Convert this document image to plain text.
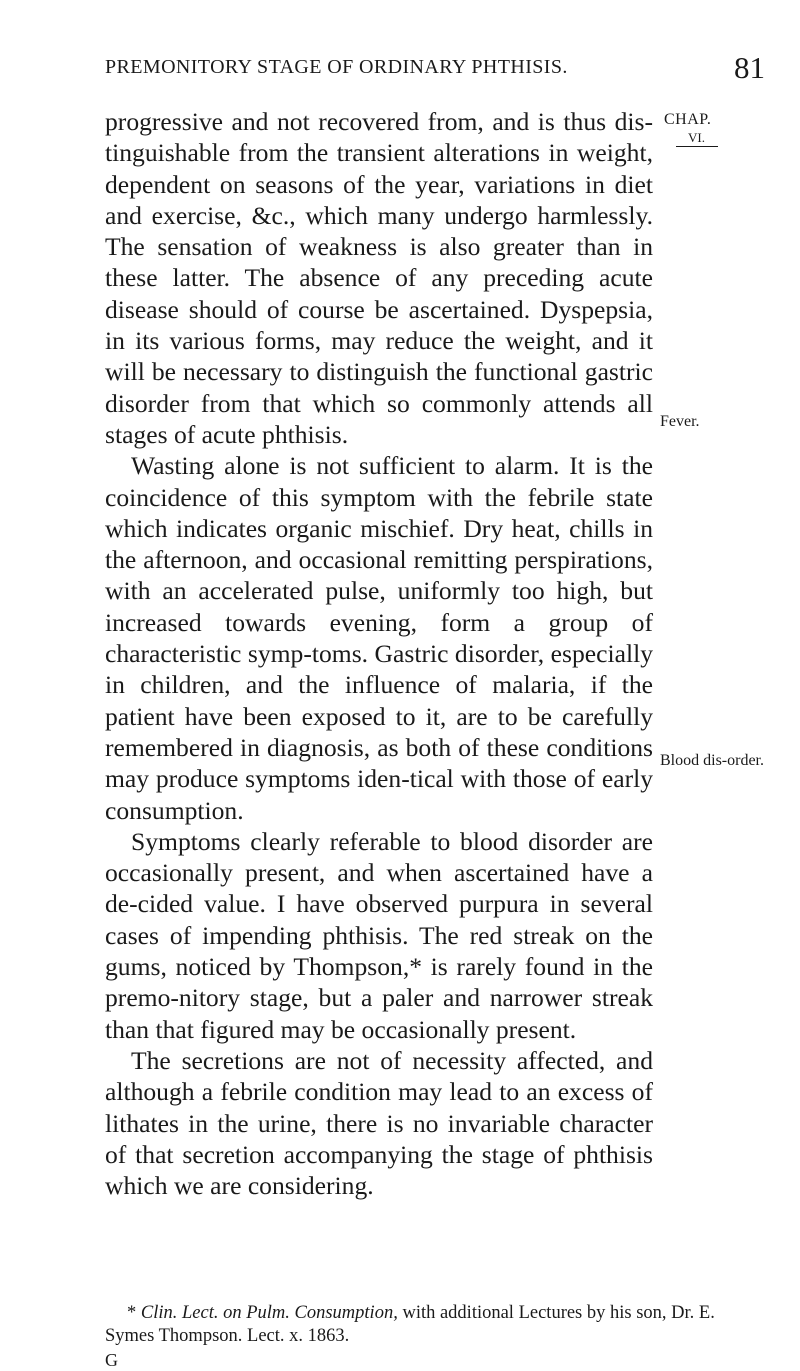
PREMONITORY STAGE OF ORDINARY PHTHISIS.	81
CHAP.
VI.
Fever.
Blood dis-order.

progressive and not recovered from, and is thus dis-tinguishable from the transient alterations in weight, dependent on seasons of the year, variations in diet and exercise, &c., which many undergo harmlessly. The sensation of weakness is also greater than in these latter. The absence of any preceding acute disease should of course be ascertained. Dyspepsia, in its various forms, may reduce the weight, and it will be necessary to distinguish the functional gastric disorder from that which so commonly attends all stages of acute phthisis.

Wasting alone is not sufficient to alarm. It is the coincidence of this symptom with the febrile state which indicates organic mischief. Dry heat, chills in the afternoon, and occasional remitting perspirations, with an accelerated pulse, uniformly too high, but increased towards evening, form a group of characteristic symp-toms. Gastric disorder, especially in children, and the influence of malaria, if the patient have been exposed to it, are to be carefully remembered in diagnosis, as both of these conditions may produce symptoms iden-tical with those of early consumption.

Symptoms clearly referable to blood disorder are occasionally present, and when ascertained have a de-cided value. I have observed purpura in several cases of impending phthisis. The red streak on the gums, noticed by Thompson,* is rarely found in the premo-nitory stage, but a paler and narrower streak than that figured may be occasionally present.

The secretions are not of necessity affected, and although a febrile condition may lead to an excess of lithates in the urine, there is no invariable character of that secretion accompanying the stage of phthisis which we are considering.

* Clin. Lect. on Pulm. Consumption, with additional Lectures by his son, Dr. E. Symes Thompson. Lect. x. 1863.

G
